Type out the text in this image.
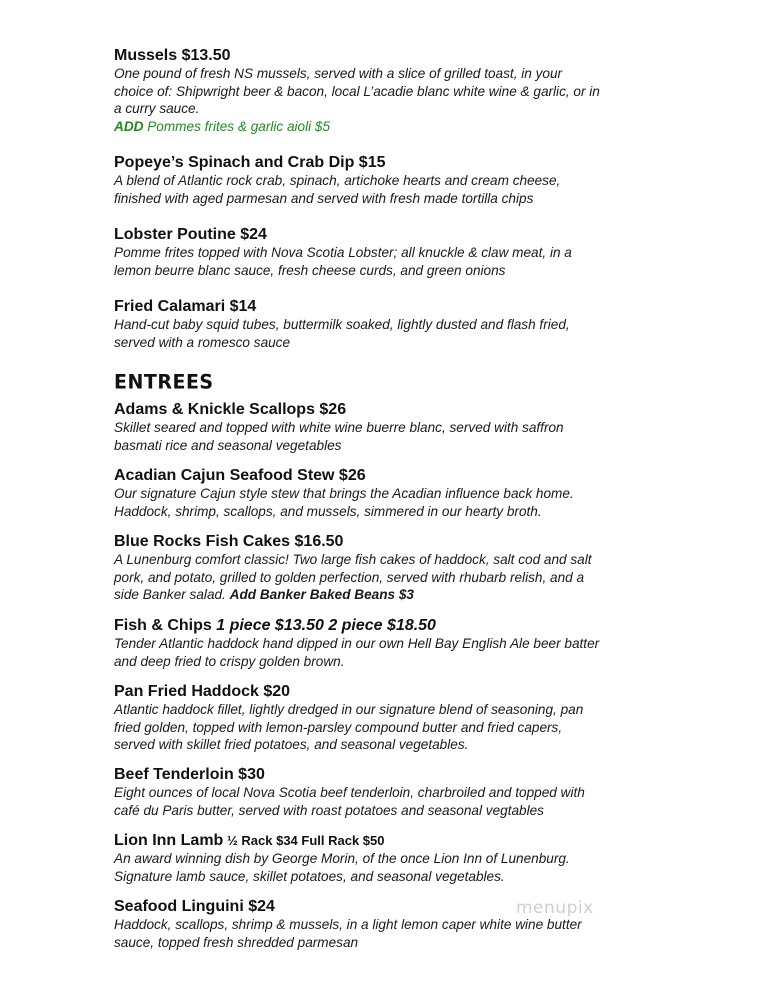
Mussels $13.50
One pound of fresh NS mussels, served with a slice of grilled toast, in your
choice of: Shipwright beer & bacon, local L’acadie blanc white wine & garlic, or in
a curry sauce.
ADD Pommes frites & garlic aioli $5
Popeye’s Spinach and Crab Dip $15
A blend of Atlantic rock crab, spinach, artichoke hearts and cream cheese,
finished with aged parmesan and served with fresh made tortilla chips
Lobster Poutine $24
Pomme frites topped with Nova Scotia Lobster; all knuckle & claw meat, in a
lemon beurre blanc sauce, fresh cheese curds, and green onions
Fried Calamari $14
Hand-cut baby squid tubes, buttermilk soaked, lightly dusted and flash fried,
served with a romesco sauce
ENTREES
Adams & Knickle Scallops $26
Skillet seared and topped with white wine buerre blanc, served with saffron
basmati rice and seasonal vegetables
Acadian Cajun Seafood Stew $26
Our signature Cajun style stew that brings the Acadian influence back home.
Haddock, shrimp, scallops, and mussels, simmered in our hearty broth.
Blue Rocks Fish Cakes $16.50
A Lunenburg comfort classic! Two large fish cakes of haddock, salt cod and salt
pork, and potato, grilled to golden perfection, served with rhubarb relish, and a
side Banker salad. Add Banker Baked Beans $3
Fish & Chips 1 piece $13.50 2 piece $18.50
Tender Atlantic haddock hand dipped in our own Hell Bay English Ale beer batter
and deep fried to crispy golden brown.
Pan Fried Haddock $20
Atlantic haddock fillet, lightly dredged in our signature blend of seasoning, pan
fried golden, topped with lemon-parsley compound butter and fried capers,
served with skillet fried potatoes, and seasonal vegetables.
Beef Tenderloin $30
Eight ounces of local Nova Scotia beef tenderloin, charbroiled and topped with
café du Paris butter, served with roast potatoes and seasonal vegtables
Lion Inn Lamb ½ Rack $34 Full Rack $50
An award winning dish by George Morin, of the once Lion Inn of Lunenburg.
Signature lamb sauce, skillet potatoes, and seasonal vegetables.
Seafood Linguini $24
Haddock, scallops, shrimp & mussels, in a light lemon caper white wine butter
sauce, topped fresh shredded parmesan
menupix
